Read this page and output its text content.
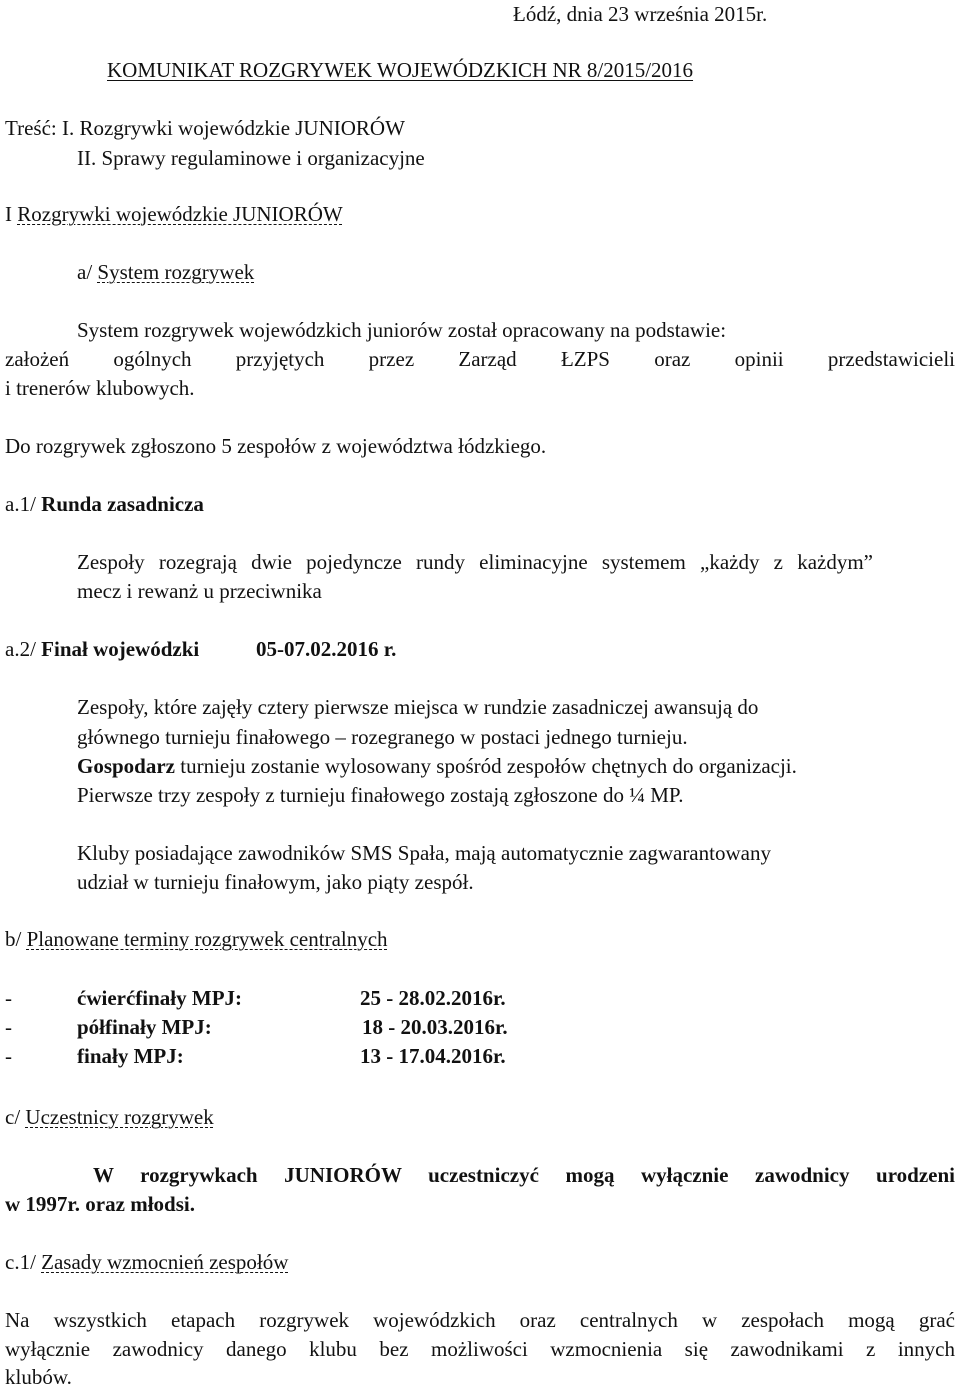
Łódź, dnia 23 września 2015r.
KOMUNIKAT ROZGRYWEK WOJEWÓDZKICH NR 8/2015/2016
Treść: I. Rozgrywki wojewódzkie JUNIORÓW
II. Sprawy regulaminowe i organizacyjne
I Rozgrywki wojewódzkie JUNIORÓW
a/ System rozgrywek
System rozgrywek wojewódzkich juniorów został opracowany na podstawie:
założeń ogólnych przyjętych przez Zarząd ŁZPS oraz opinii przedstawicieli
i trenerów klubowych.
Do rozgrywek zgłoszono 5 zespołów z województwa łódzkiego.
a.1/ Runda zasadnicza
Zespoły rozegrają dwie pojedyncze rundy eliminacyjne systemem „każdy z każdym”
mecz i rewanż u przeciwnika
a.2/ Finał wojewódzki	05-07.02.2016 r.
Zespoły, które zajęły cztery pierwsze miejsca w rundzie zasadniczej awansują do
głównego turnieju finałowego – rozegranego w postaci jednego turnieju.
Gospodarz turnieju zostanie wylosowany spośród zespołów chętnych do organizacji.
Pierwsze trzy zespoły z turnieju finałowego zostają zgłoszone do ¼ MP.
Kluby posiadające zawodników SMS Spała, mają automatycznie zagwarantowany
udział w turnieju finałowym, jako piąty zespół.
b/ Planowane terminy rozgrywek centralnych
-	ćwierćfinały MPJ:	25 - 28.02.2016r.
-	półfinały MPJ:	18 - 20.03.2016r.
-	finały MPJ:	13 - 17.04.2016r.
c/ Uczestnicy rozgrywek
W rozgrywkach JUNIORÓW uczestniczyć mogą wyłącznie zawodnicy urodzeni
w 1997r. oraz młodsi.
c.1/ Zasady wzmocnień zespołów
Na wszystkich etapach rozgrywek wojewódzkich oraz centralnych w zespołach mogą grać
wyłącznie zawodnicy danego klubu bez możliwości wzmocnienia się zawodnikami z innych
klubów.
